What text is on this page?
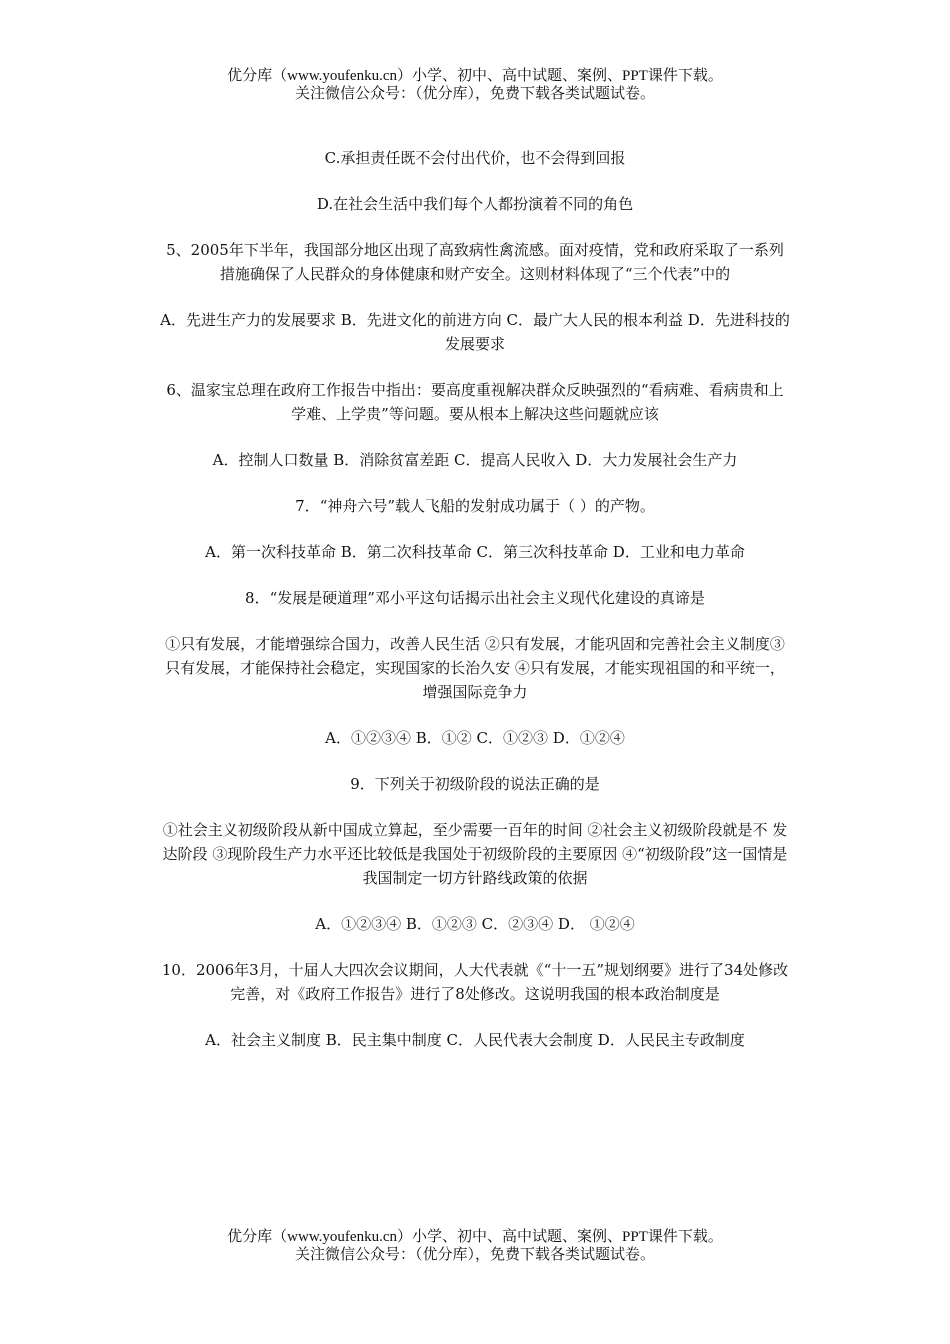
优分库（www.youfenku.cn）小学、初中、高中试题、案例、PPT课件下载。
关注微信公众号：（优分库），免费下载各类试题试卷。

C.承担责任既不会付出代价，也不会得到回报

D.在社会生活中我们每个人都扮演着不同的角色

5、2005年下半年，我国部分地区出现了高致病性禽流感。面对疫情，党和政府采取了一系列措施确保了人民群众的身体健康和财产安全。这则材料体现了“三个代表”中的

A．先进生产力的发展要求 B．先进文化的前进方向 C．最广大人民的根本利益 D．先进科技的发展要求

6、温家宝总理在政府工作报告中指出：要高度重视解决群众反映强烈的“看病难、看病贵和上学难、上学贵”等问题。要从根本上解决这些问题就应该

A．控制人口数量 B．消除贫富差距 C．提高人民收入 D．大力发展社会生产力

7．“神舟六号”载人飞船的发射成功属于（ ）的产物。

A．第一次科技革命 B．第二次科技革命 C．第三次科技革命 D．工业和电力革命

8．“发展是硬道理”邓小平这句话揭示出社会主义现代化建设的真谛是

①只有发展，才能增强综合国力，改善人民生活 ②只有发展，才能巩固和完善社会主义制度③只有发展，才能保持社会稳定，实现国家的长治久安 ④只有发展，才能实现祖国的和平统一，增强国际竞争力

A．①②③④ B．①② C．①②③ D．①②④

9．下列关于初级阶段的说法正确的是

①社会主义初级阶段从新中国成立算起，至少需要一百年的时间 ②社会主义初级阶段就是不 发达阶段 ③现阶段生产力水平还比较低是我国处于初级阶段的主要原因 ④“初级阶段”这一国情是我国制定一切方针路线政策的依据

A．①②③④ B．①②③ C．②③④ D． ①②④

10．2006年3月，十届人大四次会议期间，人大代表就《“十一五”规划纲要》进行了34处修改完善，对《政府工作报告》进行了8处修改。这说明我国的根本政治制度是

A．社会主义制度 B．民主集中制度 C．人民代表大会制度 D．人民民主专政制度

优分库（www.youfenku.cn）小学、初中、高中试题、案例、PPT课件下载。
关注微信公众号：（优分库），免费下载各类试题试卷。
